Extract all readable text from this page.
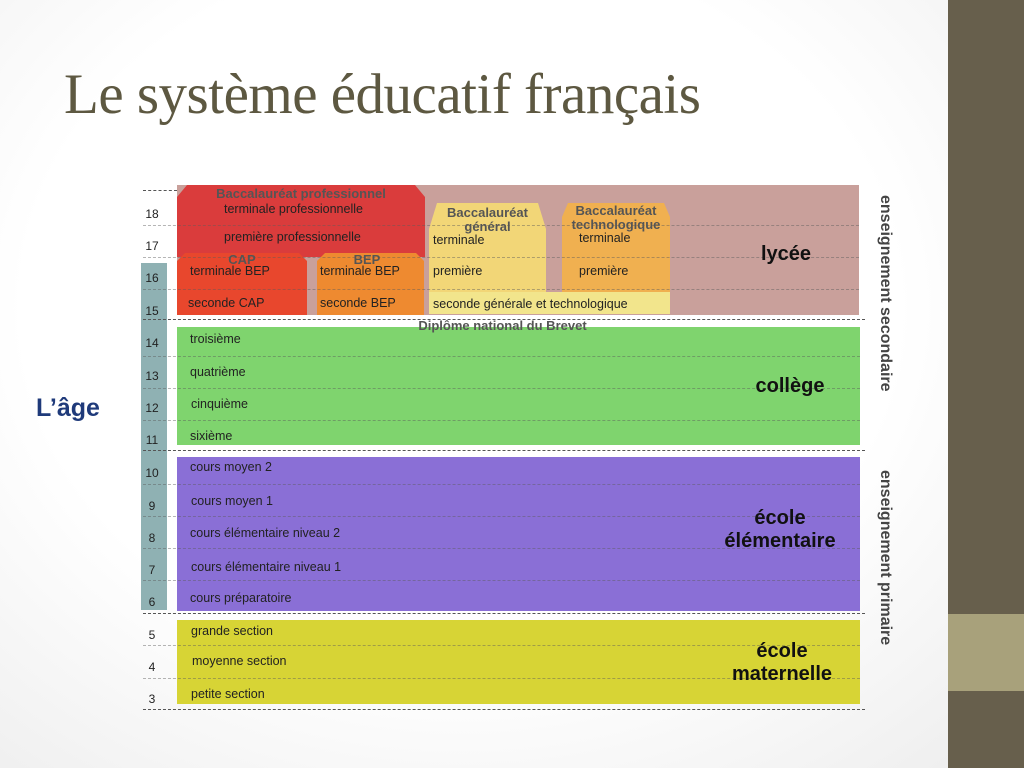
Le système éducatif français
L’âge
18
17
16
15
14
13
12
11
10
9
8
7
6
5
4
3
Baccalauréat professionnel
terminale professionnelle
première professionnelle
CAP	BEP
terminale BEP
seconde CAP
terminale BEP
seconde BEP
Baccalauréat
général
Baccalauréat
technologique
terminale
première
terminale
première
seconde générale et technologique
lycée
Diplôme national du Brevet
troisième
quatrième
cinquième
sixième
collège
cours moyen 2
cours moyen 1
cours élémentaire niveau 2
cours élémentaire niveau 1
cours préparatoire
école
élémentaire
grande section
moyenne section
petite section
école
maternelle
enseignement secondaire
enseignement primaire
